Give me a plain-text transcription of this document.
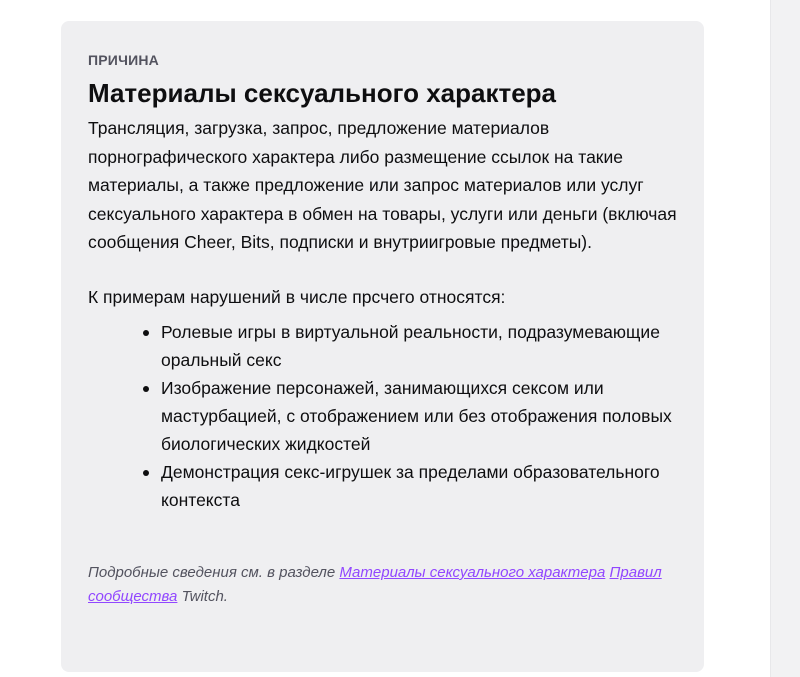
ПРИЧИНА

Материалы сексуального характера

Трансляция, загрузка, запрос, предложение материалов порнографического характера либо размещение ссылок на такие материалы, а также предложение или запрос материалов или услуг сексуального характера в обмен на товары, услуги или деньги (включая сообщения Cheer, Bits, подписки и внутриигровые предметы).

К примерам нарушений в числе прсчего относятся:

Ролевые игры в виртуальной реальности, подразумевающие оральный секс
Изображение персонажей, занимающихся сексом или мастурбацией, с отображением или без отображения половых биологических жидкостей
Демонстрация секс-игрушек за пределами образовательного контекста

Подробные сведения см. в разделе Материалы сексуального характера Правил сообщества Twitch.
